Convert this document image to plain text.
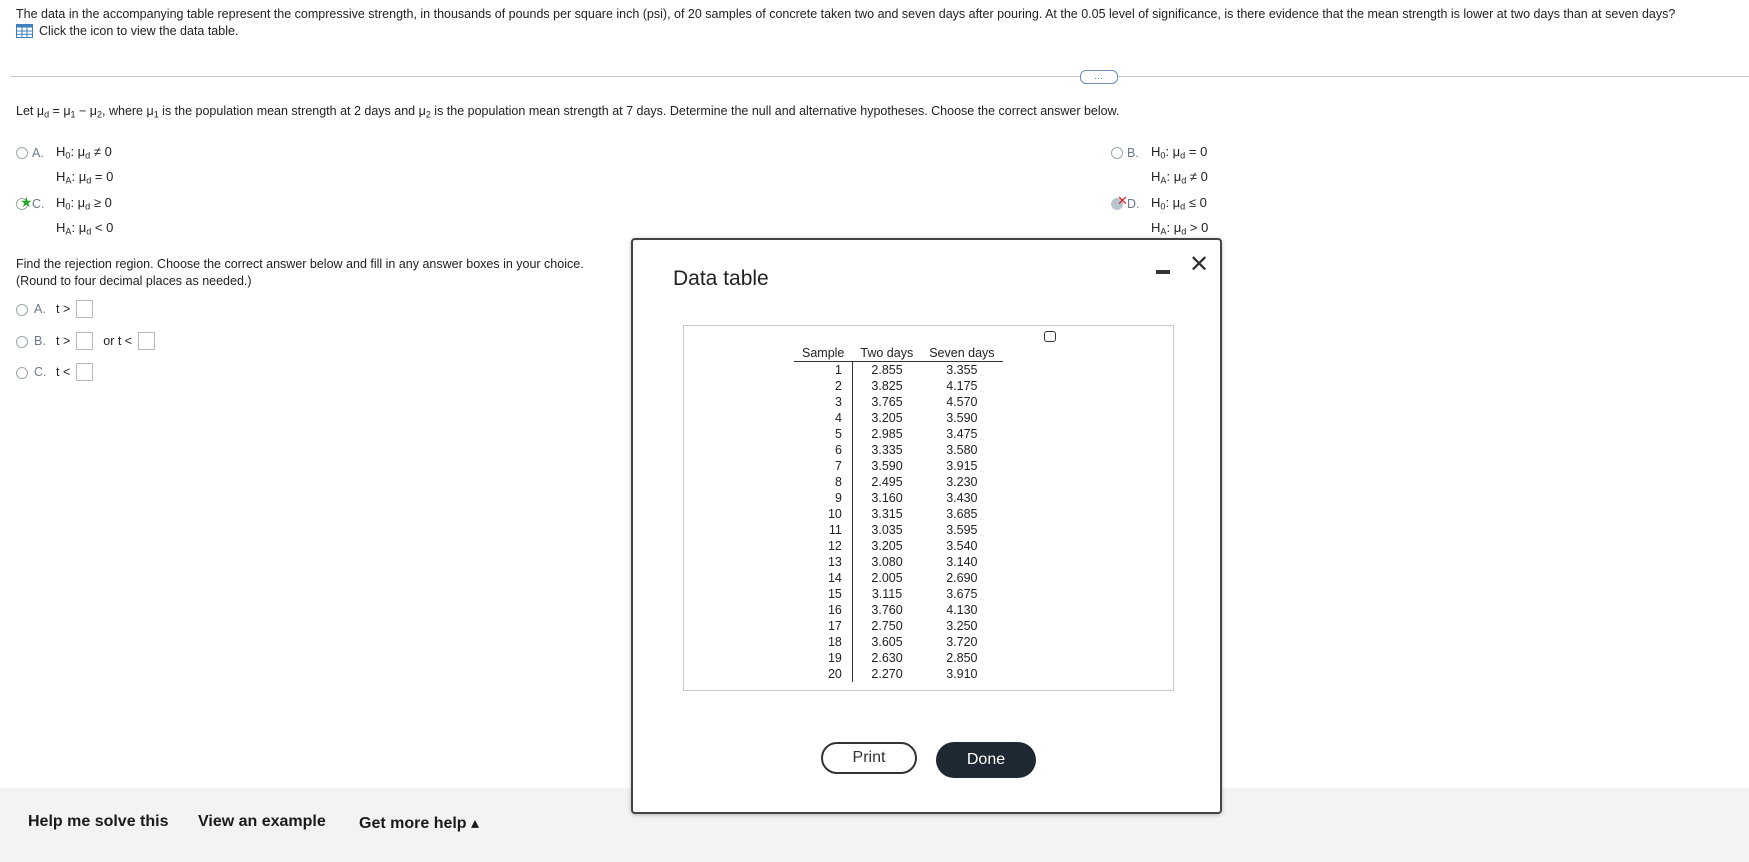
The data in the accompanying table represent the compressive strength, in thousands of pounds per square inch (psi), of 20 samples of concrete taken two and seven days after pouring. At the 0.05 level of significance, is there evidence that the mean strength is lower at two days than at seven days?
Click the icon to view the data table.
…
Let $\mu_d = \mu_1 - \mu_2$, where $\mu_1$ is the population mean strength at 2 days and $\mu_2$ is the population mean strength at 7 days. Determine the null and alternative hypotheses. Choose the correct answer below.
A. $H_0$: $\mu_d \ne 0$
$H_A$: $\mu_d = 0$
B. $H_0$: $\mu_d = 0$
$H_A$: $\mu_d \ne 0$
★ C. $H_0$: $\mu_d \ge 0$
$H_A$: $\mu_d < 0$
✕ D. $H_0$: $\mu_d \le 0$
$H_A$: $\mu_d > 0$
Find the rejection region. Choose the correct answer below and fill in any answer boxes in your choice.
(Round to four decimal places as needed.)
A. t >
B. t >	or t <
C. t <
Help me solve this View an example Get more help ▴
Data table
✕
Sample	Two days	Seven days
1	2.855	3.355
2	3.825	4.175
3	3.765	4.570
4	3.205	3.590
5	2.985	3.475
6	3.335	3.580
7	3.590	3.915
8	2.495	3.230
9	3.160	3.430
10	3.315	3.685
11	3.035	3.595
12	3.205	3.540
13	3.080	3.140
14	2.005	2.690
15	3.115	3.675
16	3.760	4.130
17	2.750	3.250
18	3.605	3.720
19	2.630	2.850
20	2.270	3.910
Print	Done
